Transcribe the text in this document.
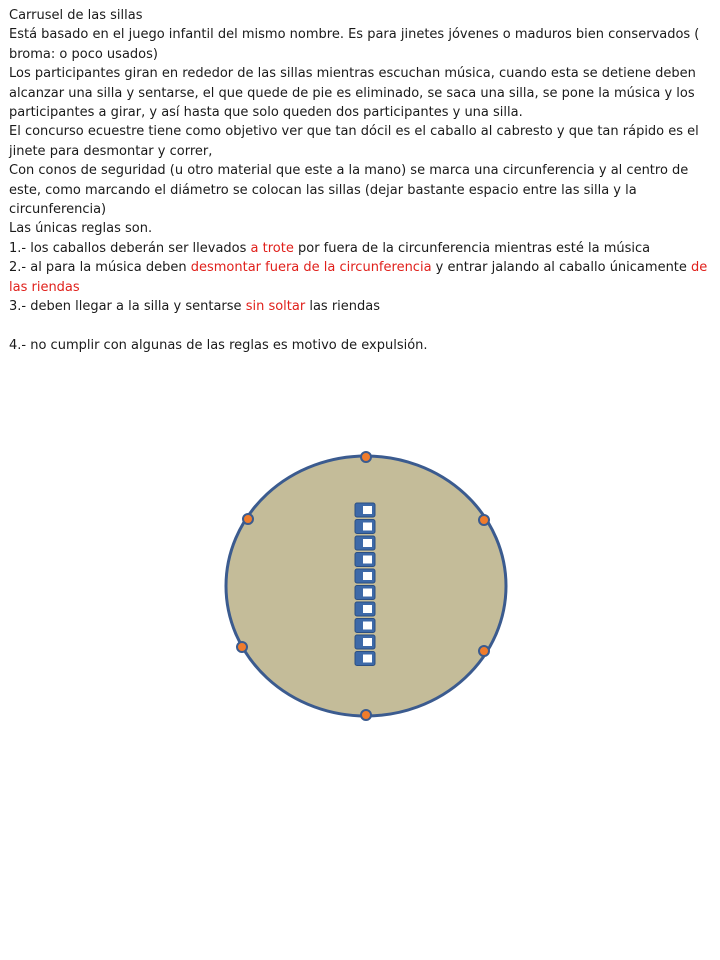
Carrusel de las sillas

Está basado en el juego infantil del mismo nombre. Es para jinetes jóvenes o maduros bien conservados ( broma: o poco usados)

Los participantes giran en rededor de las sillas mientras escuchan música, cuando esta se detiene deben alcanzar una silla y sentarse, el que quede de pie es eliminado, se saca una silla, se pone la música y los participantes a girar, y así hasta que solo queden dos participantes y una silla.

El concurso ecuestre tiene como objetivo ver que tan dócil es el caballo al cabresto y que tan rápido es el jinete para desmontar y correr,

Con conos de seguridad (u otro material que este a la mano) se marca una circunferencia y al centro de este, como marcando el diámetro se colocan las sillas (dejar bastante espacio entre las silla y la circunferencia)

Las únicas reglas son.

1.- los caballos deberán ser llevados a trote por fuera de la circunferencia mientras esté la música

2.- al para la música deben desmontar fuera de la circunferencia y entrar jalando al caballo únicamente de las riendas

3.- deben llegar a la silla y sentarse sin soltar las riendas

4.- no cumplir con algunas de las reglas es motivo de expulsión.
